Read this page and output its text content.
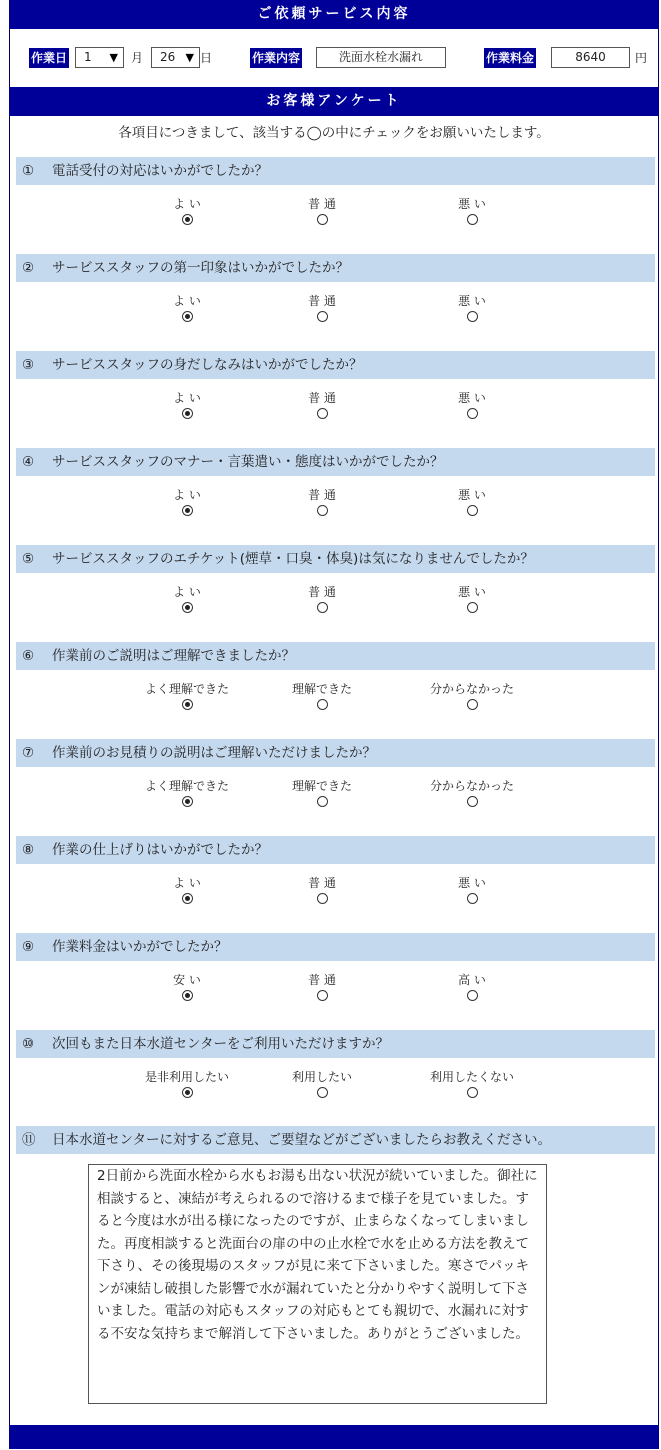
ご依頼サービス内容
作業日	1 ▼ 月	26 ▼ 日	作業内容	洗面水栓水漏れ	作業料金	8640	円
お客様アンケート
各項目につきまして、該当する◯の中にチェックをお願いいたします。
① 電話受付の対応はいかがでしたか？
よ い	普 通	悪 い
② サービススタッフの第一印象はいかがでしたか？
よ い	普 通	悪 い
③ サービススタッフの身だしなみはいかがでしたか？
よ い	普 通	悪 い
④ サービススタッフのマナー・言葉遣い・態度はいかがでしたか？
よ い	普 通	悪 い
⑤ サービススタッフのエチケット(煙草・口臭・体臭)は気になりませんでしたか？
よ い	普 通	悪 い
⑥ 作業前のご説明はご理解できましたか？
よく理解できた	理解できた	分からなかった
⑦ 作業前のお見積りの説明はご理解いただけましたか？
よく理解できた	理解できた	分からなかった
⑧ 作業の仕上げりはいかがでしたか？
よ い	普 通	悪 い
⑨ 作業料金はいかがでしたか？
安 い	普 通	高 い
⑩ 次回もまた日本水道センターをご利用いただけますか？
是非利用したい	利用したい	利用したくない
⑪ 日本水道センターに対するご意見、ご要望などがございましたらお教えください。
2日前から洗面水栓から水もお湯も出ない状況が続いていました。御社に相談すると、凍結が考えられるので溶けるまで様子を見ていました。すると今度は水が出る様になったのですが、止まらなくなってしまいました。再度相談すると洗面台の扉の中の止水栓で水を止める方法を教えて下さり、その後現場のスタッフが見に来て下さいました。寒さでパッキンが凍結し破損した影響で水が漏れていたと分かりやすく説明して下さいました。電話の対応もスタッフの対応もとても親切で、水漏れに対する不安な気持ちまで解消して下さいました。ありがとうございました。
